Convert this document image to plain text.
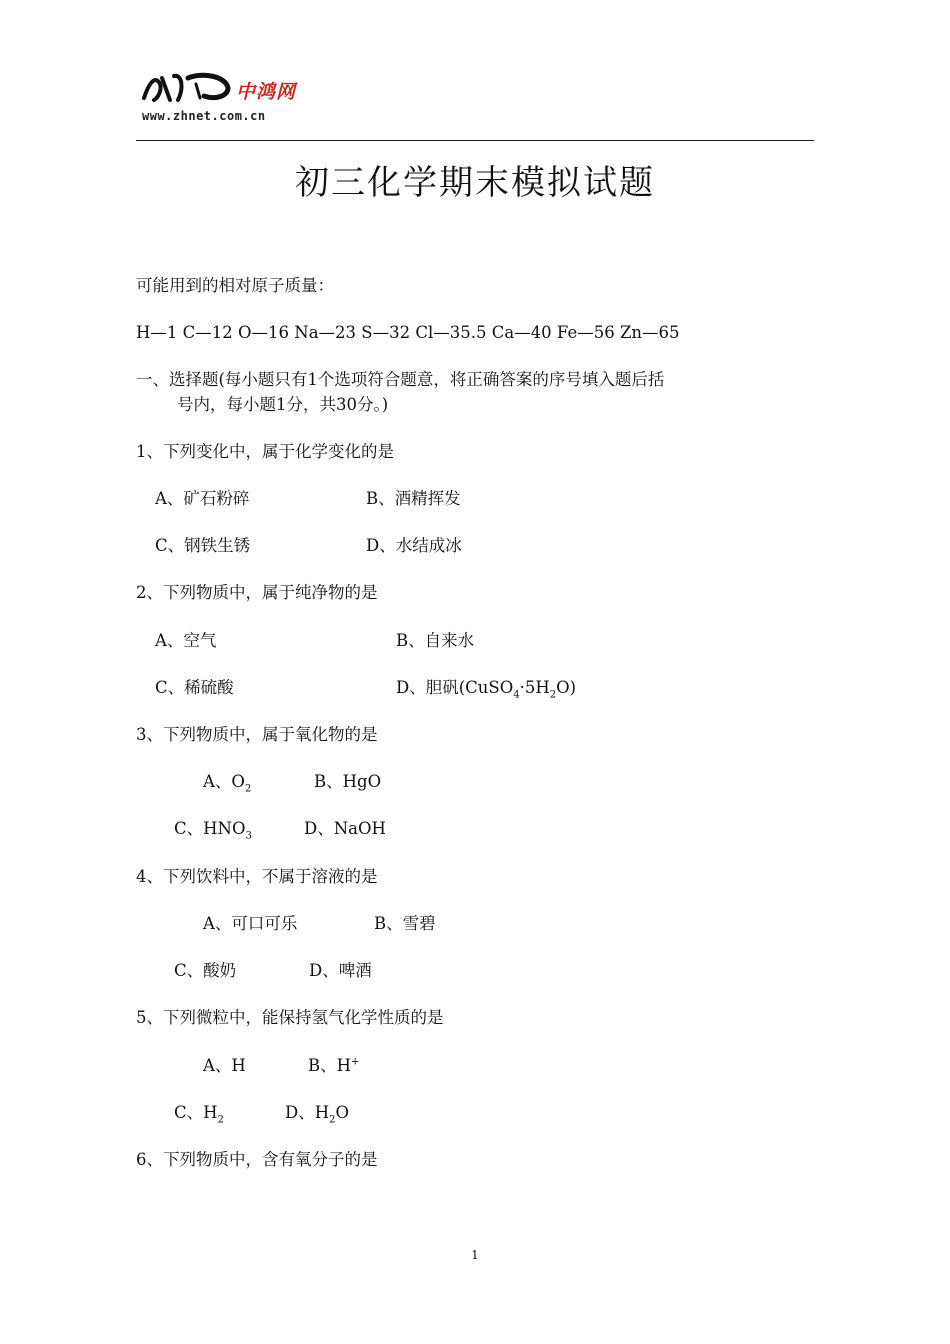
中鸿网
www.zhnet.com.cn
初三化学期末模拟试题
可能用到的相对原子质量：
H—1 C—12 O—16 Na—23 S—32 Cl—35.5 Ca—40 Fe—56 Zn—65
一、选择题(每小题只有1个选项符合题意，将正确答案的序号填入题后括
号内，每小题1分，共30分。)
1、下列变化中，属于化学变化的是
A、矿石粉碎	B、酒精挥发
C、钢铁生锈	D、水结成冰
2、下列物质中，属于纯净物的是
A、空气	B、自来水
C、稀硫酸	D、胆矾$(CuSO_4\cdot 5H_2O)$
3、下列物质中，属于氧化物的是
A、$O_2$	B、HgO
C、$HNO_3$	D、NaOH
4、下列饮料中，不属于溶液的是
A、可口可乐	B、雪碧
C、酸奶	D、啤酒
5、下列微粒中，能保持氢气化学性质的是
A、H	B、H+
C、$H_2$	D、$H_2O$
6、下列物质中，含有氧分子的是
1
